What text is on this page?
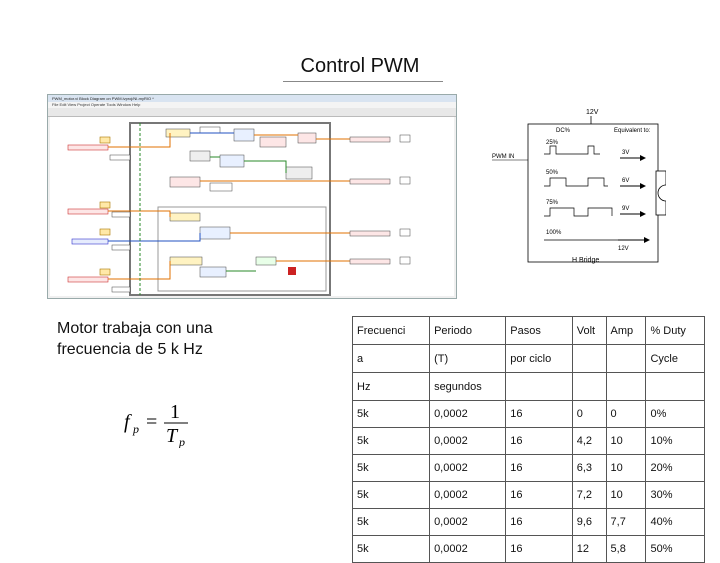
Control PWM
PWM_motor.vi Block Diagram on PWM.lvproj/NI-myRIO *
File Edit View Project Operate Tools Window Help
12V
PWM IN
DC%	Equivalent to:
25%
50%
75%
100%
3V
6V
9V
12V
H Bridge
Motor trabaja con una
frecuencia de 5 k Hz
f p = 1
T p
Frecuenci	Periodo	Pasos	Volt	Amp	% Duty
a	(T)	por ciclo			Cycle
Hz	segundos				
5k	0,0002	16	0	0	0%
5k	0,0002	16	4,2	10	10%
5k	0,0002	16	6,3	10	20%
5k	0,0002	16	7,2	10	30%
5k	0,0002	16	9,6	7,7	40%
5k	0,0002	16	12	5,8	50%
